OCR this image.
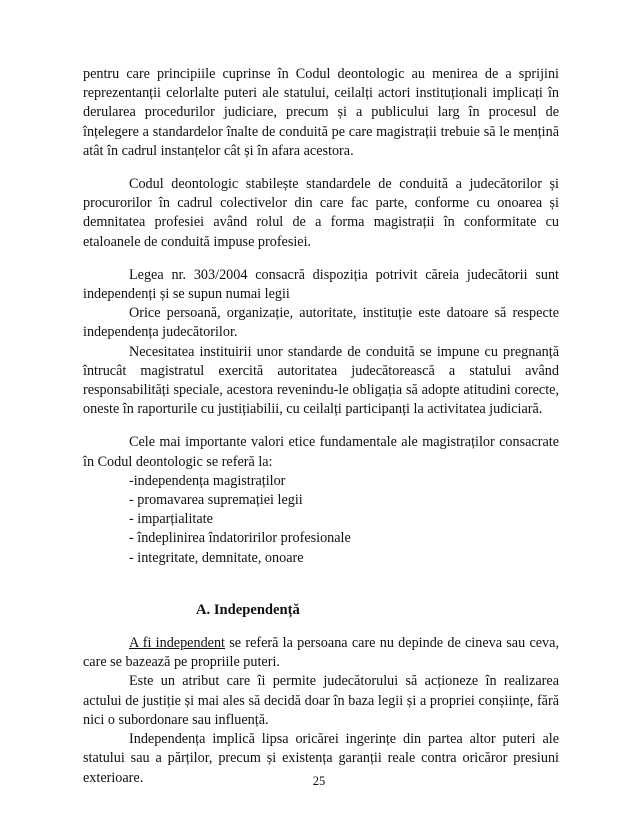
pentru care principiile cuprinse în Codul deontologic au menirea de a sprijini reprezentanții celorlalte puteri ale statului, ceilalți actori instituționali implicați în derularea procedurilor judiciare, precum și a publicului larg în procesul de înțelegere a standardelor înalte de conduită pe care magistrații trebuie să le mențină atât în cadrul instanțelor cât și în afara acestora.

Codul deontologic stabilește standardele de conduită a judecătorilor și procurorilor în cadrul colectivelor din care fac parte, conforme cu onoarea și demnitatea profesiei având rolul de a forma magistrații în conformitate cu etaloanele de conduită impuse profesiei.

Legea nr. 303/2004 consacră dispoziția potrivit căreia judecătorii sunt independenți și se supun numai legii

Orice persoană, organizație, autoritate, instituție este datoare să respecte independența judecătorilor.

Necesitatea instituirii unor standarde de conduită se impune cu pregnanță întrucât magistratul exercită autoritatea judecătorească a statului având responsabilități speciale, acestora revenindu-le obligația să adopte atitudini corecte, oneste în raporturile cu justițiabilii, cu ceilalți participanți la activitatea judiciară.

Cele mai importante valori etice fundamentale ale magistraților consacrate în Codul deontologic se referă la:

-independența magistraților
- promavarea supremației legii
- imparțialitate
- îndeplinirea îndatoririlor profesionale
- integritate, demnitate, onoare

A. Independență

A fi independent se referă la persoana care nu depinde de cineva sau ceva, care se bazează pe propriile puteri.

Este un atribut care îi permite judecătorului să acționeze în realizarea actului de justiție și mai ales să decidă doar în baza legii și a propriei conșiințe, fără nici o subordonare sau influență.

Independența implică lipsa oricărei ingerințe din partea altor puteri ale statului sau a părților, precum și existența garanții reale contra oricăror presiuni exterioare.	25
